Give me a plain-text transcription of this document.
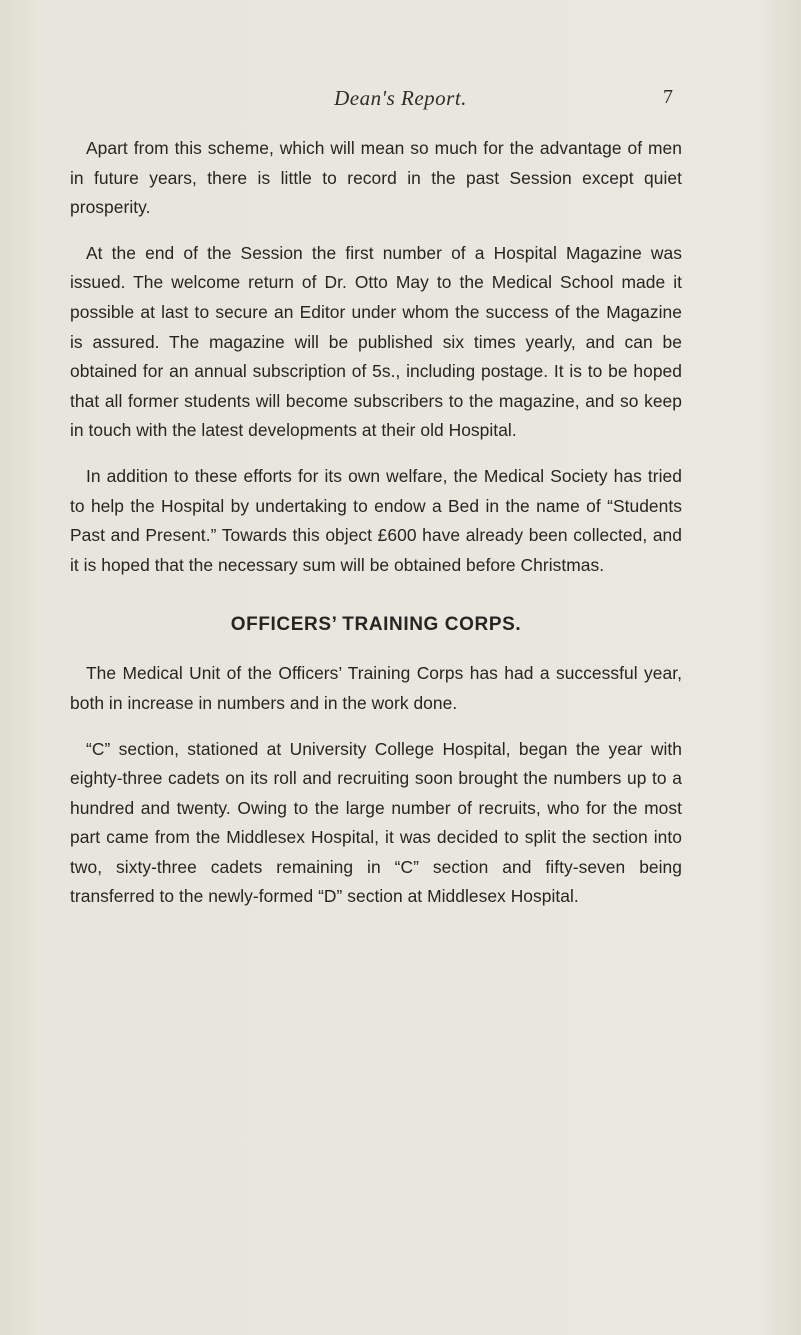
Dean's Report.	7

Apart from this scheme, which will mean so much for the advantage of men in future years, there is little to record in the past Session except quiet prosperity.

At the end of the Session the first number of a Hospital Magazine was issued. The welcome return of Dr. Otto May to the Medical School made it possible at last to secure an Editor under whom the success of the Magazine is assured. The magazine will be published six times yearly, and can be obtained for an annual subscription of 5s., including postage. It is to be hoped that all former students will become subscribers to the magazine, and so keep in touch with the latest developments at their old Hospital.

In addition to these efforts for its own welfare, the Medical Society has tried to help the Hospital by undertaking to endow a Bed in the name of “Students Past and Present.” Towards this object £600 have already been collected, and it is hoped that the necessary sum will be obtained before Christmas.

OFFICERS’ TRAINING CORPS.

The Medical Unit of the Officers’ Training Corps has had a successful year, both in increase in numbers and in the work done.

“C” section, stationed at University College Hospital, began the year with eighty-three cadets on its roll and recruiting soon brought the numbers up to a hundred and twenty. Owing to the large number of recruits, who for the most part came from the Middlesex Hospital, it was decided to split the section into two, sixty-three cadets remaining in “C” section and fifty-seven being transferred to the newly-formed “D” section at Middlesex Hospital.
